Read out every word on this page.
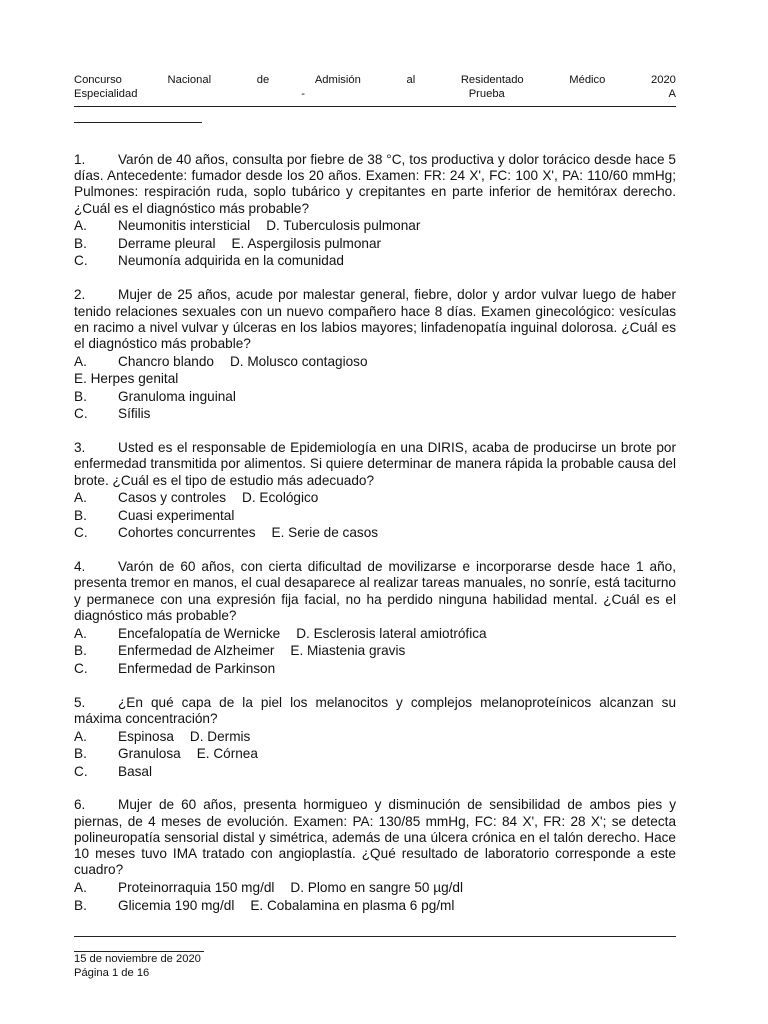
Concurso	Nacional	de	Admisión	al	Residentado	Médico	2020
Especialidad	-	Prueba	A

1. Varón de 40 años, consulta por fiebre de 38 °C, tos productiva y dolor torácico desde hace 5 días. Antecedente: fumador desde los 20 años. Examen: FR: 24 X', FC: 100 X', PA: 110/60 mmHg; Pulmones: respiración ruda, soplo tubárico y crepitantes en parte inferior de hemitórax derecho. ¿Cuál es el diagnóstico más probable?

A.	Neumonitis intersticial D. Tuberculosis pulmonar
B.	Derrame pleural E. Aspergilosis pulmonar
C.	Neumonía adquirida en la comunidad

2. Mujer de 25 años, acude por malestar general, fiebre, dolor y ardor vulvar luego de haber tenido relaciones sexuales con un nuevo compañero hace 8 días. Examen ginecológico: vesículas en racimo a nivel vulvar y úlceras en los labios mayores; linfadenopatía inguinal dolorosa. ¿Cuál es el diagnóstico más probable?

A.	Chancro blando D. Molusco contagioso
E. Herpes genital
B.	Granuloma inguinal
C.	Sífilis

3. Usted es el responsable de Epidemiología en una DIRIS, acaba de producirse un brote por enfermedad transmitida por alimentos. Si quiere determinar de manera rápida la probable causa del brote. ¿Cuál es el tipo de estudio más adecuado?

A.	Casos y controles D. Ecológico
B.	Cuasi experimental
C.	Cohortes concurrentes E. Serie de casos

4. Varón de 60 años, con cierta dificultad de movilizarse e incorporarse desde hace 1 año, presenta tremor en manos, el cual desaparece al realizar tareas manuales, no sonríe, está taciturno y permanece con una expresión fija facial, no ha perdido ninguna habilidad mental. ¿Cuál es el diagnóstico más probable?

A.	Encefalopatía de Wernicke D. Esclerosis lateral amiotrófica
B.	Enfermedad de Alzheimer E. Miastenia gravis
C.	Enfermedad de Parkinson

5. ¿En qué capa de la piel los melanocitos y complejos melanoproteínicos alcanzan su máxima concentración?

A.	Espinosa D. Dermis
B.	Granulosa E. Córnea
C.	Basal

6. Mujer de 60 años, presenta hormigueo y disminución de sensibilidad de ambos pies y piernas, de 4 meses de evolución. Examen: PA: 130/85 mmHg, FC: 84 X', FR: 28 X'; se detecta polineuropatía sensorial distal y simétrica, además de una úlcera crónica en el talón derecho. Hace 10 meses tuvo IMA tratado con angioplastía. ¿Qué resultado de laboratorio corresponde a este cuadro?

A.	Proteinorraquia 150 mg/dl D. Plomo en sangre 50 µg/dl
B.	Glicemia 190 mg/dl E. Cobalamina en plasma 6 pg/ml
15 de noviembre de 2020
Página 1 de 16
